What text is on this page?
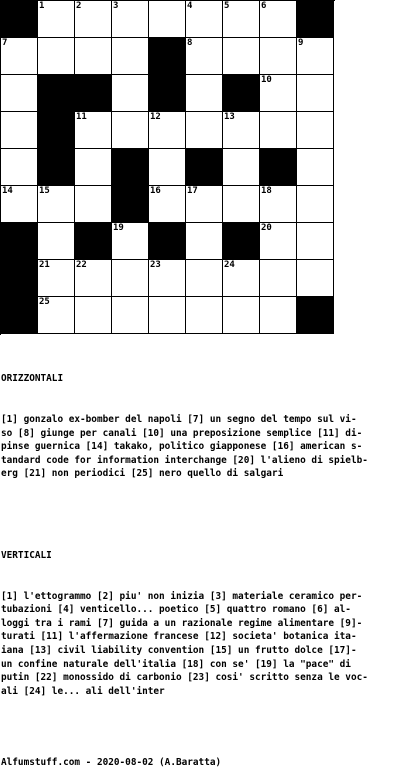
1	2	3	4	5	6
7	8	9
10
11	12	13
14	15	16	17	18
19	20
21	22	23	24
25

ORIZZONTALI

[1] gonzalo ex-bomber del napoli [7] un segno del tempo sul vi-
so [8] giunge per canali [10] una preposizione semplice [11] di-
pinse guernica [14] takako, politico giapponese [16] american s-
tandard code for information interchange [20] l'alieno di spielb-
erg [21] non periodici [25] nero quello di salgari

VERTICALI

[1] l'ettogrammo [2] piu' non inizia [3] materiale ceramico per-
tubazioni [4] venticello... poetico [5] quattro romano [6] al-
loggi tra i rami [7] guida a un razionale regime alimentare [9]-
turati [11] l'affermazione francese [12] societa' botanica ita-
iana [13] civil liability convention [15] un frutto dolce [17]-
un confine naturale dell'italia [18] con se' [19] la "pace" di
putin [22] monossido di carbonio [23] cosi' scritto senza le voc-
ali [24] le... ali dell'inter

Alfumstuff.com - 2020-08-02 (A.Baratta)
